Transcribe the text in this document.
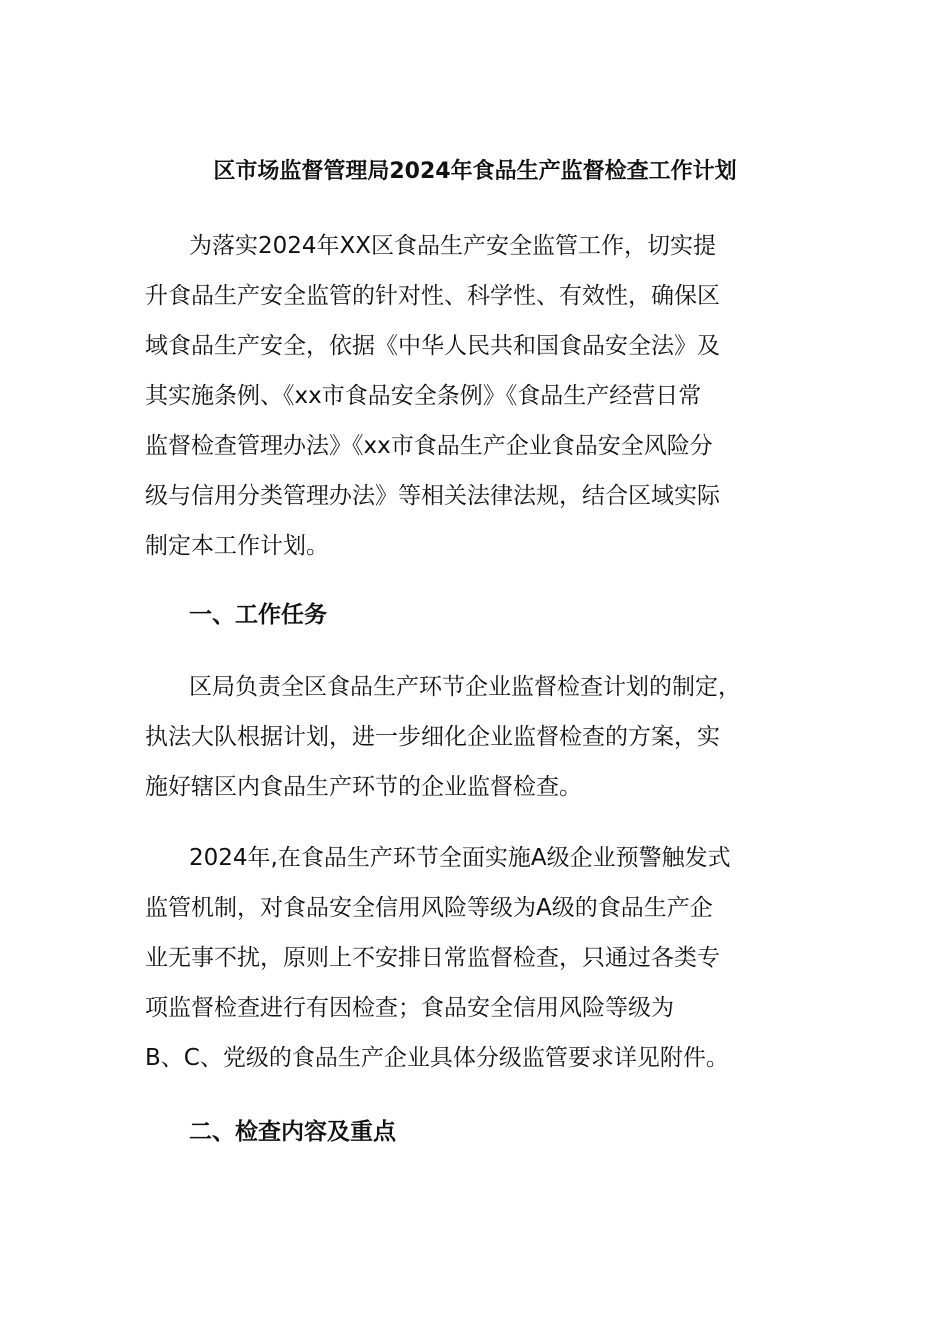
区市场监督管理局2024年食品生产监督检查工作计划
为落实2024年XX区食品生产安全监管工作，切实提
升食品生产安全监管的针对性、科学性、有效性，确保区
域食品生产安全，依据《中华人民共和国食品安全法》及
其实施条例、《xx市食品安全条例》《食品生产经营日常
监督检查管理办法》《xx市食品生产企业食品安全风险分
级与信用分类管理办法》等相关法律法规，结合区域实际
制定本工作计划。
一、工作任务
区局负责全区食品生产环节企业监督检查计划的制定，
执法大队根据计划，进一步细化企业监督检查的方案，实
施好辖区内食品生产环节的企业监督检查。
2024年,在食品生产环节全面实施A级企业预警触发式
监管机制，对食品安全信用风险等级为A级的食品生产企
业无事不扰，原则上不安排日常监督检查，只通过各类专
项监督检查进行有因检查；食品安全信用风险等级为
B、C、党级的食品生产企业具体分级监管要求详见附件。
二、检查内容及重点
